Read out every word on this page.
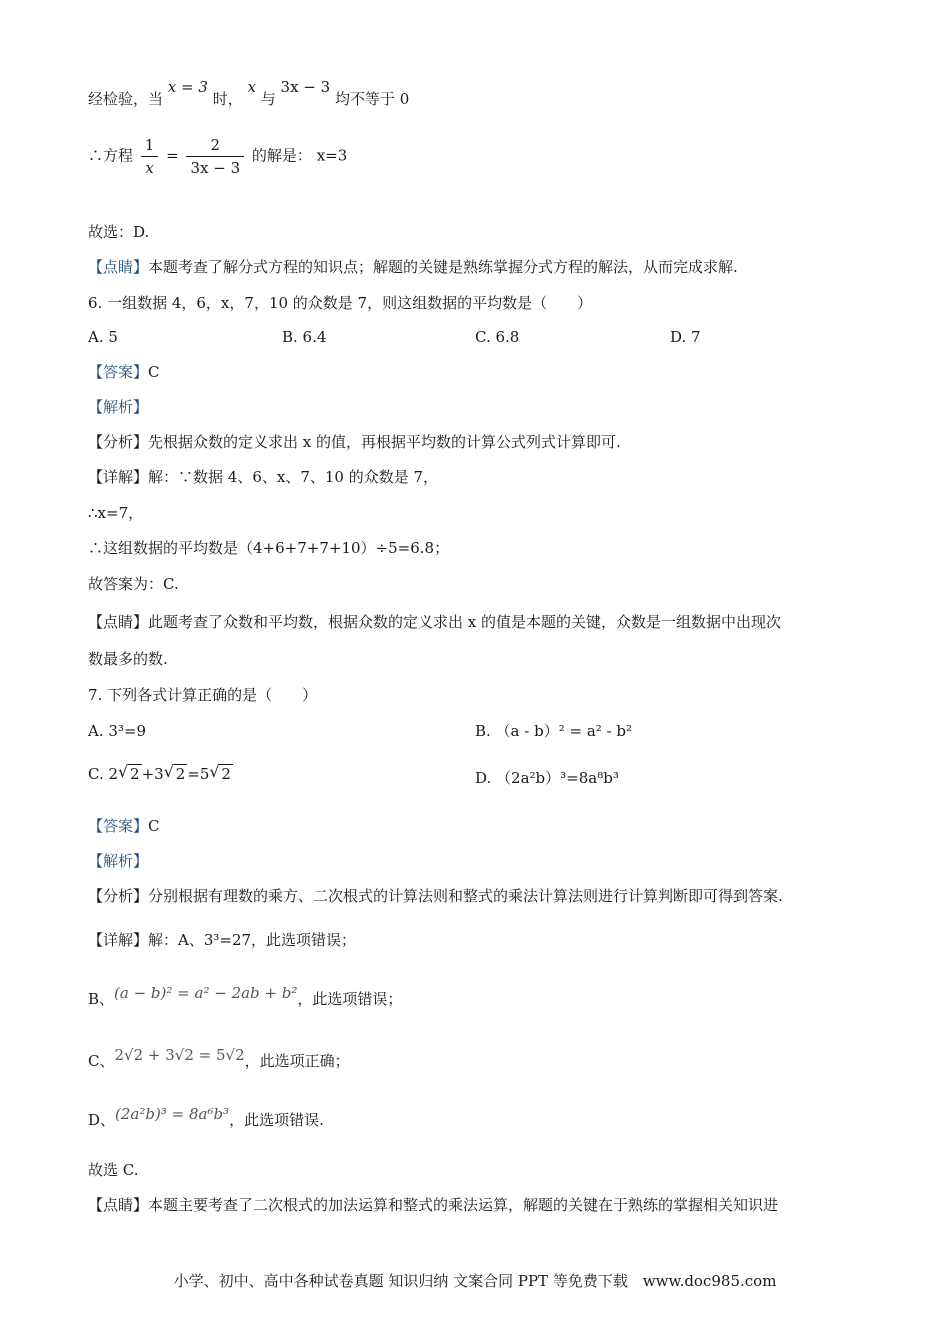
经检验，当 x = 3 时， x 与 3x − 3 均不等于 0
∴方程 $\frac{1}{x} = \frac{2}{3x - 3}$ 的解是： x=3
故选：D.
【点睛】本题考查了解分式方程的知识点；解题的关键是熟练掌握分式方程的解法，从而完成求解.
6. 一组数据 4，6，x，7，10 的众数是 7，则这组数据的平均数是（　　）
A. 5	B. 6.4	C. 6.8	D. 7
【答案】C
【解析】
【分析】先根据众数的定义求出 x 的值，再根据平均数的计算公式列式计算即可.
【详解】解：∵数据 4、6、x、7、10 的众数是 7，
∴x=7，
∴这组数据的平均数是（4+6+7+7+10）÷5=6.8；
故答案为：C.
【点睛】此题考查了众数和平均数，根据众数的定义求出 x 的值是本题的关键，众数是一组数据中出现次
数最多的数.
7. 下列各式计算正确的是（　　）
A. 3³=9	B. （a - b）² = a² - b²
C. 2 √ 2 +3 √ 2 =5 √ 2	D. （2a²b）³=8a⁸b³
【答案】C
【解析】
【分析】分别根据有理数的乘方、二次根式的计算法则和整式的乘法计算法则进行计算判断即可得到答案.
【详解】解：A、3³=27，此选项错误；
B、(a − b)² = a² − 2ab + b²，此选项错误；
C、2√2 + 3√2 = 5√2，此选项正确；
D、(2a²b)³ = 8a⁶b³，此选项错误.
故选 C.
【点睛】本题主要考查了二次根式的加法运算和整式的乘法运算，解题的关键在于熟练的掌握相关知识进
小学、初中、高中各种试卷真题 知识归纳 文案合同 PPT 等免费下载　www.doc985.com
